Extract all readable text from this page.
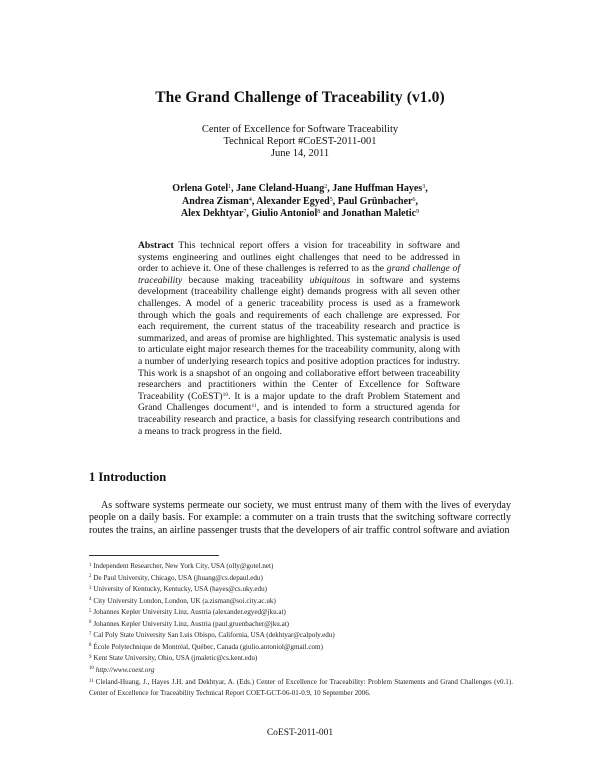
The Grand Challenge of Traceability (v1.0)
Center of Excellence for Software Traceability
Technical Report #CoEST-2011-001
June 14, 2011
Orlena Gotel$^1$, Jane Cleland-Huang$^2$, Jane Huffman Hayes$^3$,
Andrea Zisman$^4$, Alexander Egyed$^5$, Paul Grünbacher$^6$,
Alex Dekhtyar$^7$, Giulio Antoniol$^8$ and Jonathan Maletic$^9$
Abstract This technical report offers a vision for traceability in software and systems engineering and outlines eight challenges that need to be addressed in order to achieve it. One of these challenges is referred to as the grand challenge of traceability because making traceability ubiquitous in software and systems development (traceability challenge eight) demands progress with all seven other challenges. A model of a generic traceability process is used as a framework through which the goals and requirements of each challenge are expressed. For each requirement, the current status of the traceability research and practice is summarized, and areas of promise are highlighted. This systematic analysis is used to articulate eight major research themes for the traceability community, along with a number of underlying research topics and positive adoption practices for industry. This work is a snapshot of an ongoing and collaborative effort between traceability researchers and practitioners within the Center of Excellence for Software Traceability (CoEST)$^{10}$. It is a major update to the draft Problem Statement and Grand Challenges document$^{11}$, and is intended to form a structured agenda for traceability research and practice, a basis for classifying research contributions and a means to track progress in the field.
1 Introduction
As software systems permeate our society, we must entrust many of them with the lives of everyday people on a daily basis. For example: a commuter on a train trusts that the switching software correctly routes the trains, an airline passenger trusts that the developers of air traffic control software and aviation
$^1$ Independent Researcher, New York City, USA (olly@gotel.net)
$^2$ De Paul University, Chicago, USA (jhuang@cs.depaul.edu)
$^3$ University of Kentucky, Kentucky, USA (hayes@cs.uky.edu)
$^4$ City University London, London, UK (a.zisman@soi.city.ac.uk)
$^5$ Johannes Kepler University Linz, Austria (alexander.egyed@jku.at)
$^6$ Johannes Kepler University Linz, Austria (paul.gruenbacher@jku.at)
$^7$ Cal Poly State University San Luis Obispo, California, USA (dekhtyar@calpoly.edu)
$^8$ École Polytechnique de Montréal, Québec, Canada (giulio.antoniol@gmail.com)
$^9$ Kent State University, Ohio, USA (jmaletic@cs.kent.edu)
$^{10}$ http://www.coest.org
$^{11}$ Cleland-Huang, J., Hayes J.H. and Dekhtyar, A. (Eds.) Center of Excellence for Traceability: Problem Statements and Grand Challenges (v0.1). Center of Excellence for Traceability Technical Report COET-GCT-06-01-0.9, 10 September 2006.
CoEST-2011-001
